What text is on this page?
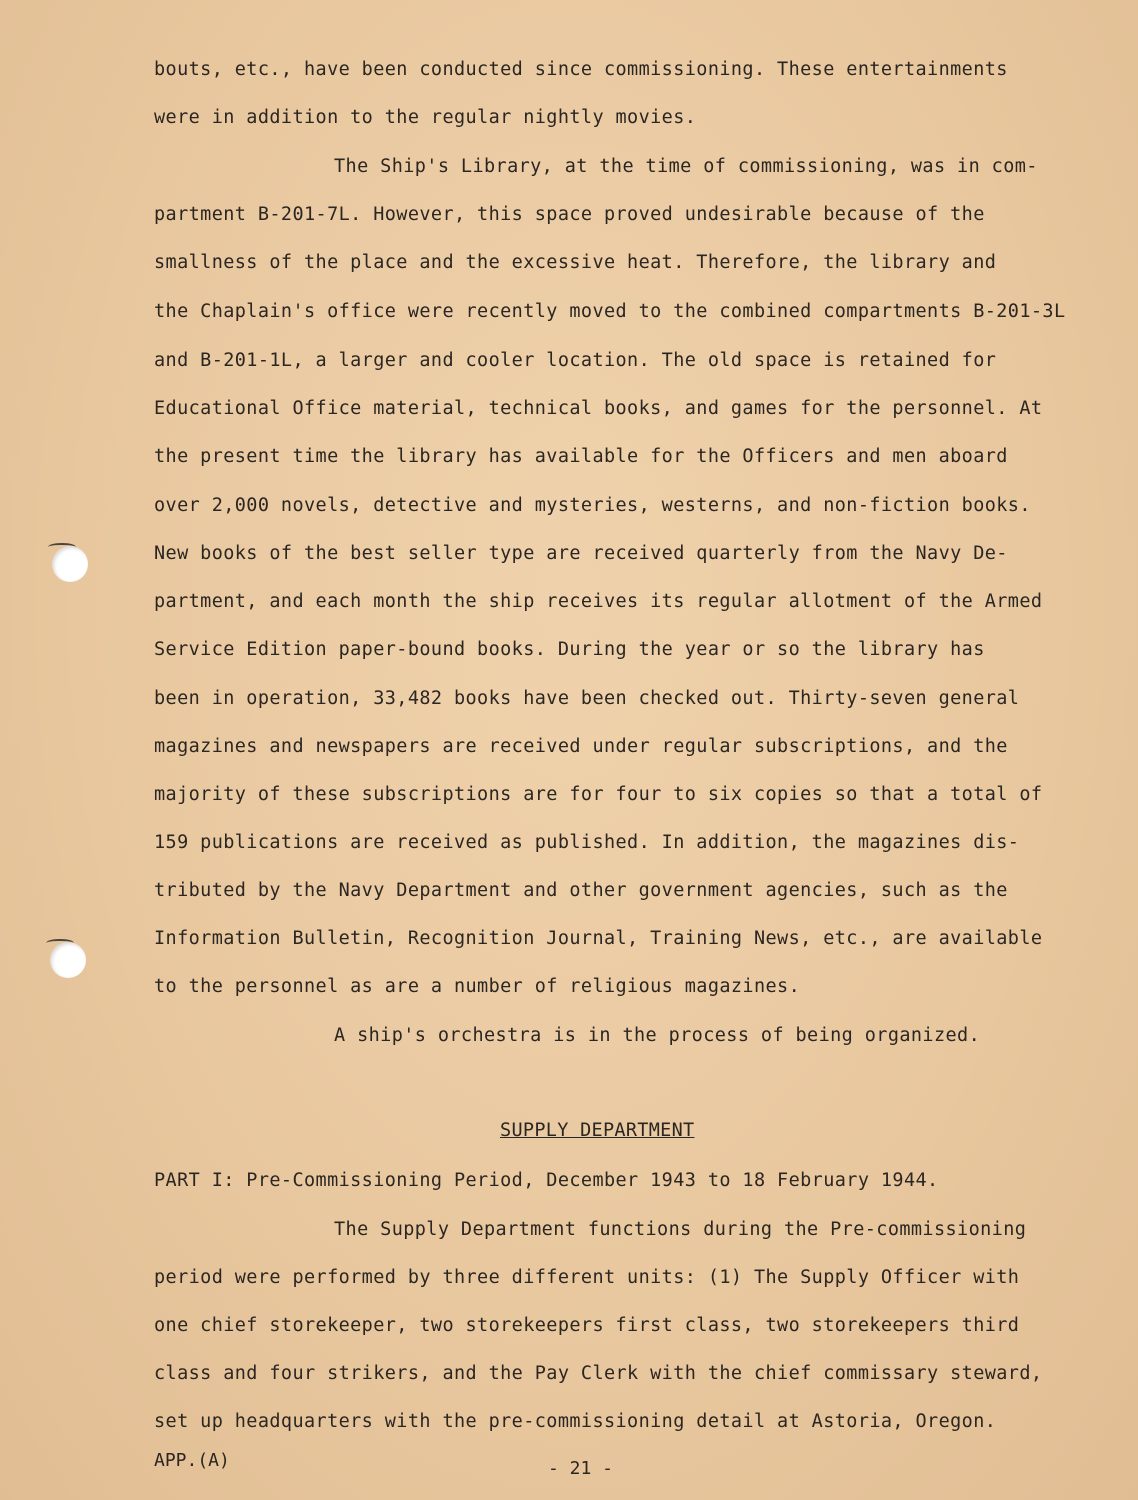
bouts, etc., have been conducted since commissioning. These entertainments
were in addition to the regular nightly movies.
The Ship's Library, at the time of commissioning, was in com-
partment B-201-7L. However, this space proved undesirable because of the
smallness of the place and the excessive heat. Therefore, the library and
the Chaplain's office were recently moved to the combined compartments B-201-3L
and B-201-1L, a larger and cooler location. The old space is retained for
Educational Office material, technical books, and games for the personnel. At
the present time the library has available for the Officers and men aboard
over 2,000 novels, detective and mysteries, westerns, and non-fiction books.
New books of the best seller type are received quarterly from the Navy De-
partment, and each month the ship receives its regular allotment of the Armed
Service Edition paper-bound books. During the year or so the library has
been in operation, 33,482 books have been checked out. Thirty-seven general
magazines and newspapers are received under regular subscriptions, and the
majority of these subscriptions are for four to six copies so that a total of
159 publications are received as published. In addition, the magazines dis-
tributed by the Navy Department and other government agencies, such as the
Information Bulletin, Recognition Journal, Training News, etc., are available
to the personnel as are a number of religious magazines.
A ship's orchestra is in the process of being organized.
SUPPLY DEPARTMENT
PART I: Pre-Commissioning Period, December 1943 to 18 February 1944.
The Supply Department functions during the Pre-commissioning
period were performed by three different units: (1) The Supply Officer with
one chief storekeeper, two storekeepers first class, two storekeepers third
class and four strikers, and the Pay Clerk with the chief commissary steward,
set up headquarters with the pre-commissioning detail at Astoria, Oregon.
APP.(A)	- 21 -
